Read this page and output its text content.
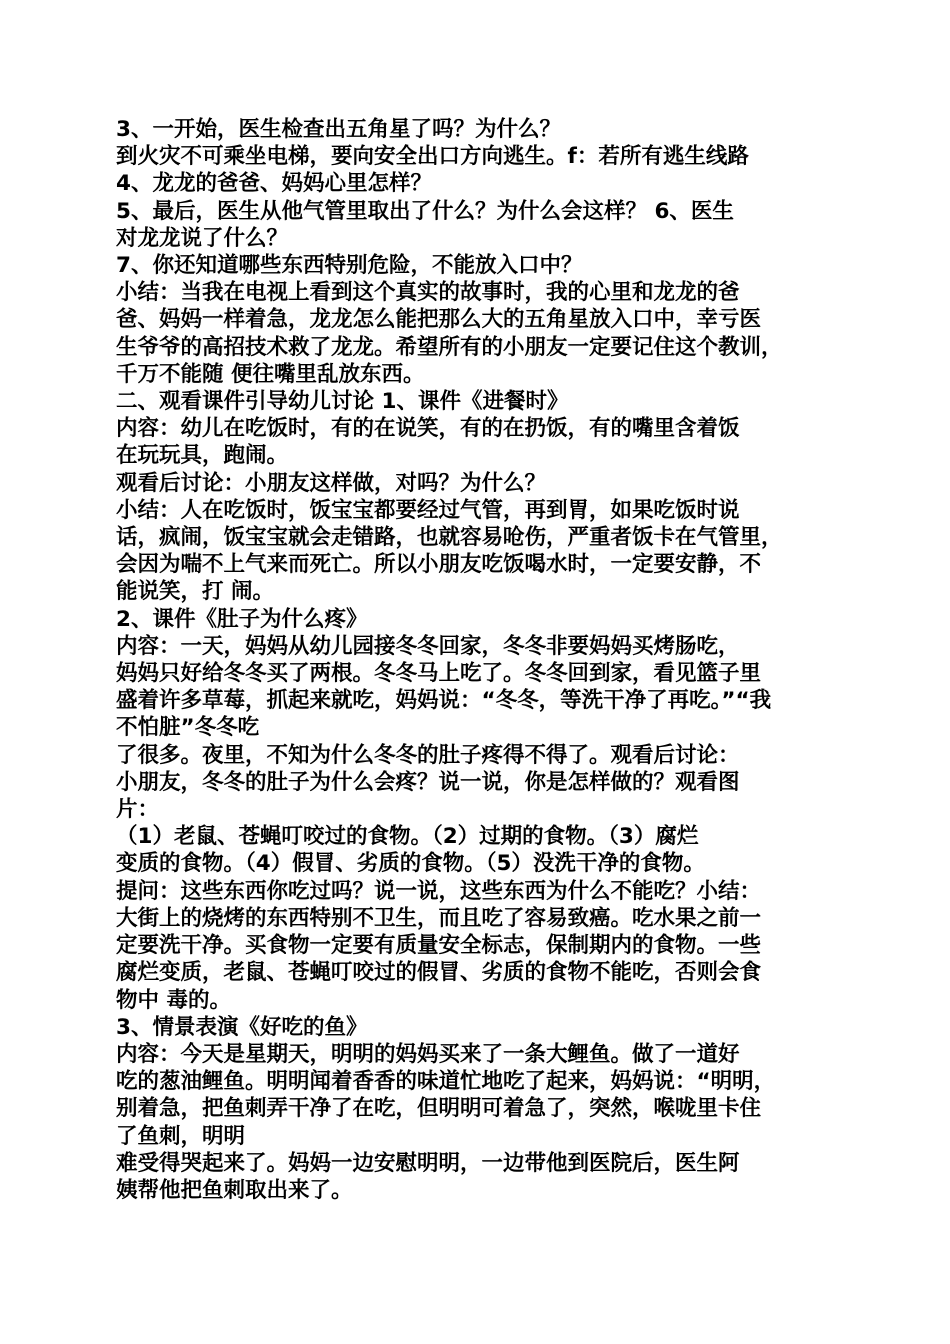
3、一开始，医生检查出五角星了吗？为什么？

到火灾不可乘坐电梯，要向安全出口方向逃生。f：若所有逃生线路

4、龙龙的爸爸、妈妈心里怎样？

5、最后，医生从他气管里取出了什么？为什么会这样？ 6、医生

对龙龙说了什么？

7、你还知道哪些东西特别危险，不能放入口中？

小结：当我在电视上看到这个真实的故事时，我的心里和龙龙的爸

爸、妈妈一样着急，龙龙怎么能把那么大的五角星放入口中，幸亏医

生爷爷的高招技术救了龙龙。希望所有的小朋友一定要记住这个教训，

千万不能随 便往嘴里乱放东西。

二、观看课件引导幼儿讨论 1、课件《进餐时》

内容：幼儿在吃饭时，有的在说笑，有的在扔饭，有的嘴里含着饭

在玩玩具，跑闹。

观看后讨论：小朋友这样做，对吗？为什么？

小结：人在吃饭时，饭宝宝都要经过气管，再到胃，如果吃饭时说

话，疯闹，饭宝宝就会走错路，也就容易呛伤，严重者饭卡在气管里，

会因为喘不上气来而死亡。所以小朋友吃饭喝水时，一定要安静，不

能说笑，打 闹。

2、课件《肚子为什么疼》

内容：一天，妈妈从幼儿园接冬冬回家，冬冬非要妈妈买烤肠吃，

妈妈只好给冬冬买了两根。冬冬马上吃了。冬冬回到家，看见篮子里

盛着许多草莓，抓起来就吃，妈妈说：“冬冬，等洗干净了再吃。”“我

不怕脏”冬冬吃

了很多。夜里，不知为什么冬冬的肚子疼得不得了。观看后讨论：

小朋友，冬冬的肚子为什么会疼？说一说，你是怎样做的？观看图

片：

（1）老鼠、苍蝇叮咬过的食物。（2）过期的食物。（3）腐烂

变质的食物。（4）假冒、劣质的食物。（5）没洗干净的食物。

提问：这些东西你吃过吗？说一说，这些东西为什么不能吃？小结：

大街上的烧烤的东西特别不卫生，而且吃了容易致癌。吃水果之前一

定要洗干净。买食物一定要有质量安全标志，保制期内的食物。一些

腐烂变质，老鼠、苍蝇叮咬过的假冒、劣质的食物不能吃，否则会食

物中 毒的。

3、情景表演《好吃的鱼》

内容：今天是星期天，明明的妈妈买来了一条大鲤鱼。做了一道好

吃的葱油鲤鱼。明明闻着香香的味道忙地吃了起来，妈妈说：“明明，

别着急，把鱼刺弄干净了在吃，但明明可着急了，突然，喉咙里卡住

了鱼刺，明明

难受得哭起来了。妈妈一边安慰明明，一边带他到医院后，医生阿

姨帮他把鱼刺取出来了。
